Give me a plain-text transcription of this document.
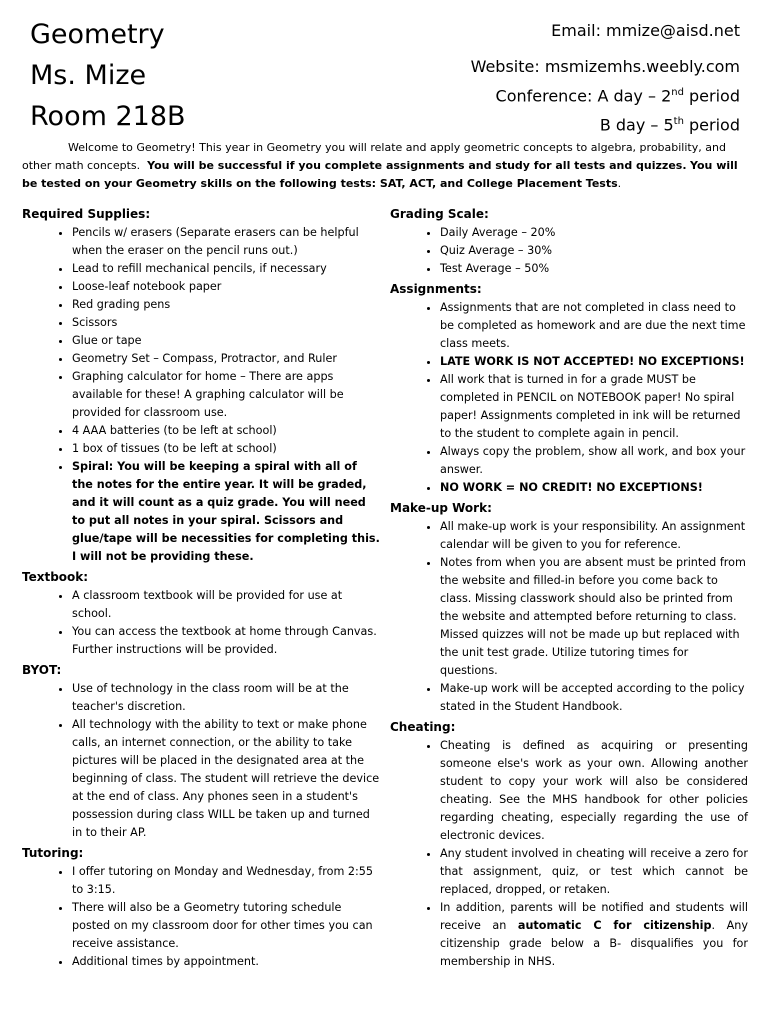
Geometry
Ms. Mize
Room 218B
Email: mmize@aisd.net
Website: msmizemhs.weebly.com
Conference: A day – 2nd period
B day – 5th period
Welcome to Geometry! This year in Geometry you will relate and apply geometric concepts to algebra, probability, and other math concepts. You will be successful if you complete assignments and study for all tests and quizzes. You will be tested on your Geometry skills on the following tests: SAT, ACT, and College Placement Tests.
Required Supplies:
• Pencils w/ erasers (Separate erasers can be helpful when the eraser on the pencil runs out.)
• Lead to refill mechanical pencils, if necessary
• Loose-leaf notebook paper
• Red grading pens
• Scissors
• Glue or tape
• Geometry Set – Compass, Protractor, and Ruler
• Graphing calculator for home – There are apps available for these! A graphing calculator will be provided for classroom use.
• 4 AAA batteries (to be left at school)
• 1 box of tissues (to be left at school)
• Spiral: You will be keeping a spiral with all of the notes for the entire year. It will be graded, and it will count as a quiz grade. You will need to put all notes in your spiral. Scissors and glue/tape will be necessities for completing this. I will not be providing these.
Textbook:
• A classroom textbook will be provided for use at school.
• You can access the textbook at home through Canvas. Further instructions will be provided.
BYOT:
• Use of technology in the class room will be at the teacher's discretion.
• All technology with the ability to text or make phone calls, an internet connection, or the ability to take pictures will be placed in the designated area at the beginning of class. The student will retrieve the device at the end of class. Any phones seen in a student's possession during class WILL be taken up and turned in to their AP.
Tutoring:
• I offer tutoring on Monday and Wednesday, from 2:55 to 3:15.
• There will also be a Geometry tutoring schedule posted on my classroom door for other times you can receive assistance.
• Additional times by appointment.
Grading Scale:
• Daily Average – 20%
• Quiz Average – 30%
• Test Average – 50%
Assignments:
• Assignments that are not completed in class need to be completed as homework and are due the next time class meets.
• LATE WORK IS NOT ACCEPTED! NO EXCEPTIONS!
• All work that is turned in for a grade MUST be completed in PENCIL on NOTEBOOK paper! No spiral paper! Assignments completed in ink will be returned to the student to complete again in pencil.
• Always copy the problem, show all work, and box your answer.
• NO WORK = NO CREDIT! NO EXCEPTIONS!
Make-up Work:
• All make-up work is your responsibility. An assignment calendar will be given to you for reference.
• Notes from when you are absent must be printed from the website and filled-in before you come back to class. Missing classwork should also be printed from the website and attempted before returning to class. Missed quizzes will not be made up but replaced with the unit test grade. Utilize tutoring times for questions.
• Make-up work will be accepted according to the policy stated in the Student Handbook.
Cheating:
• Cheating is defined as acquiring or presenting someone else's work as your own. Allowing another student to copy your work will also be considered cheating. See the MHS handbook for other policies regarding cheating, especially regarding the use of electronic devices.
• Any student involved in cheating will receive a zero for that assignment, quiz, or test which cannot be replaced, dropped, or retaken.
• In addition, parents will be notified and students will receive an automatic C for citizenship. Any citizenship grade below a B- disqualifies you for membership in NHS.
